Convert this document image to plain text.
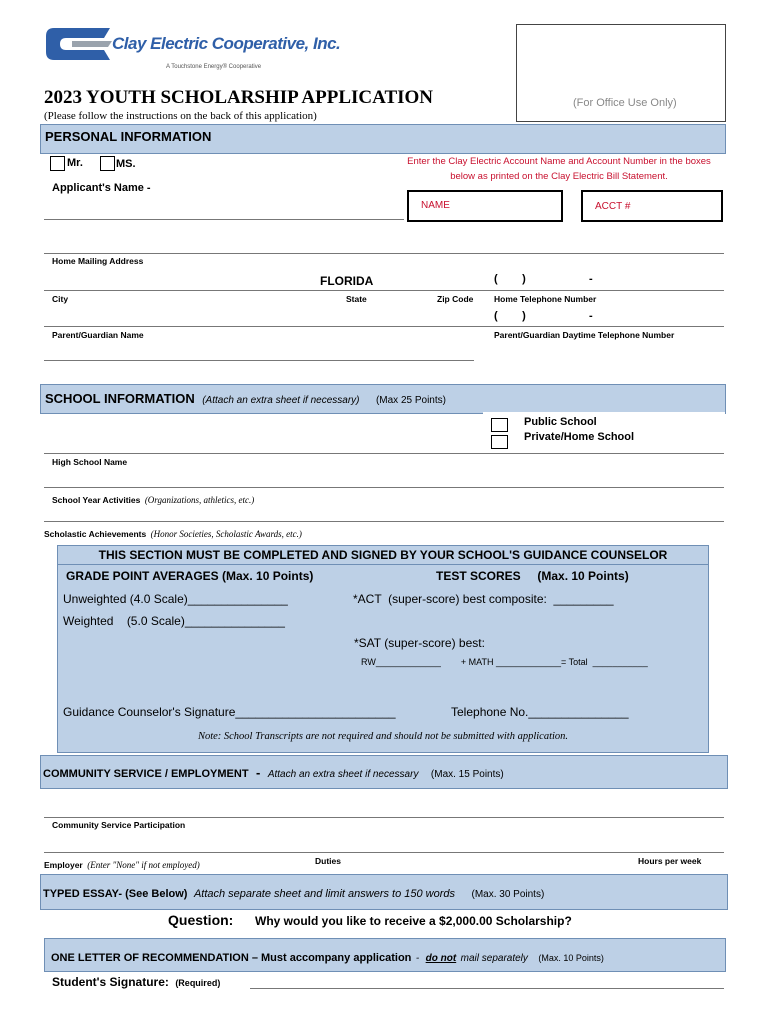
Clay Electric Cooperative, Inc.
A Touchstone Energy® Cooperative
(For Office Use Only)
2023 YOUTH SCHOLARSHIP APPLICATION
(Please follow the instructions on the back of this application)
PERSONAL INFORMATION
Mr.	MS.	Enter the Clay Electric Account Name and Account Number in the boxes below as printed on the Clay Electric Bill Statement.
Applicant's Name -
NAME	ACCT #
Home Mailing Address
FLORIDA	(        )	-
City	State	Zip Code Home Telephone Number
(        )	-
Parent/Guardian Name	Parent/Guardian Daytime Telephone Number
SCHOOL INFORMATION (Attach an extra sheet if necessary) (Max 25 Points)
Public School
Private/Home School
High School Name
School Year Activities (Organizations, athletics, etc.)
Scholastic Achievements (Honor Societies, Scholastic Awards, etc.)
THIS SECTION MUST BE COMPLETED AND SIGNED BY YOUR SCHOOL'S GUIDANCE COUNSELOR
GRADE POINT AVERAGES (Max. 10 Points)	TEST SCORES     (Max. 10 Points)
Unweighted (4.0 Scale)_______________	*ACT  (super-score) best composite:  _________
Weighted    (5.0 Scale)_______________
*SAT (super-score) best:
RW_____________        + MATH _____________= Total  ___________
Guidance Counselor's Signature________________________	Telephone No._______________
Note: School Transcripts are not required and should not be submitted with application.
COMMUNITY SERVICE / EMPLOYMENT - Attach an extra sheet if necessary (Max. 15 Points)
Community Service Participation
Employer (Enter "None" if not employed)	Duties	Hours per week
TYPED ESSAY- (See Below) Attach separate sheet and limit answers to 150 words (Max. 30 Points)
Question: Why would you like to receive a $2,000.00 Scholarship?
ONE LETTER OF RECOMMENDATION – Must accompany application - do not mail separately (Max. 10 Points)
Student's Signature: (Required)
